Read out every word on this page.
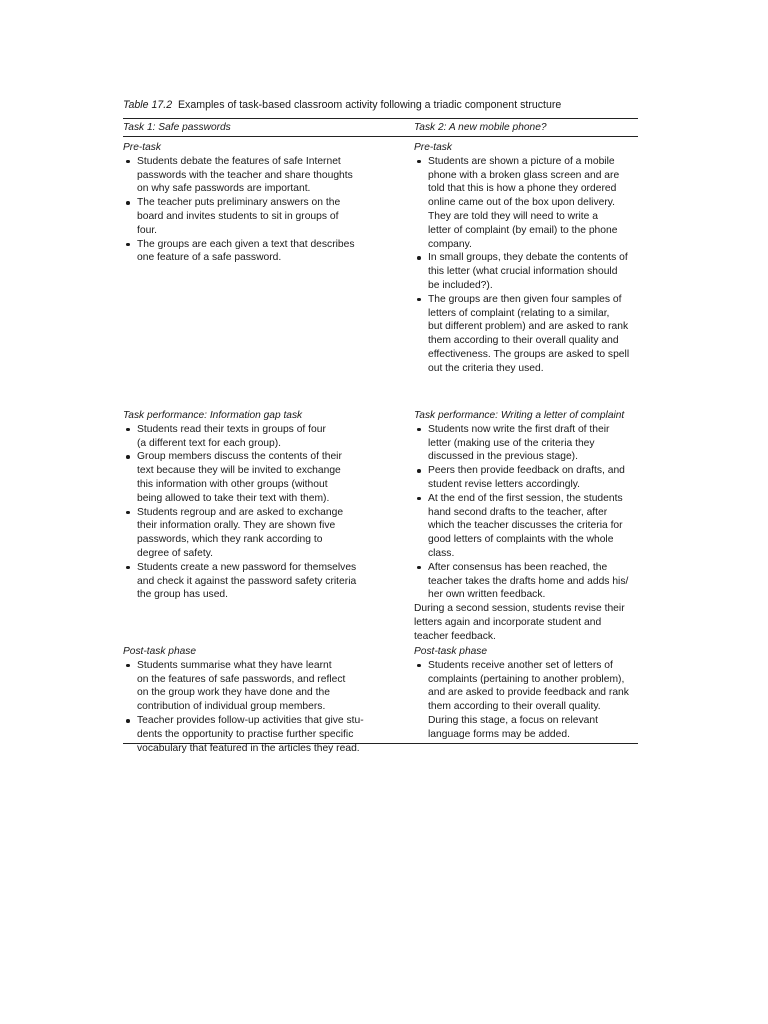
Table 17.2 Examples of task-based classroom activity following a triadic component structure
Task 1: Safe passwords	Task 2: A new mobile phone?
Pre-task
Students debate the features of safe Internet
passwords with the teacher and share thoughts
on why safe passwords are important.
The teacher puts preliminary answers on the
board and invites students to sit in groups of
four.
The groups are each given a text that describes
one feature of a safe password.
Task performance: Information gap task
Students read their texts in groups of four
(a different text for each group).
Group members discuss the contents of their
text because they will be invited to exchange
this information with other groups (without
being allowed to take their text with them).
Students regroup and are asked to exchange
their information orally. They are shown five
passwords, which they rank according to
degree of safety.
Students create a new password for themselves
and check it against the password safety criteria
the group has used.
Post-task phase
Students summarise what they have learnt
on the features of safe passwords, and reflect
on the group work they have done and the
contribution of individual group members.
Teacher provides follow-up activities that give stu-
dents the opportunity to practise further specific
vocabulary that featured in the articles they read.
Pre-task
Students are shown a picture of a mobile
phone with a broken glass screen and are
told that this is how a phone they ordered
online came out of the box upon delivery.
They are told they will need to write a
letter of complaint (by email) to the phone
company.
In small groups, they debate the contents of
this letter (what crucial information should
be included?).
The groups are then given four samples of
letters of complaint (relating to a similar,
but different problem) and are asked to rank
them according to their overall quality and
effectiveness. The groups are asked to spell
out the criteria they used.
Task performance: Writing a letter of complaint
Students now write the first draft of their
letter (making use of the criteria they
discussed in the previous stage).
Peers then provide feedback on drafts, and
student revise letters accordingly.
At the end of the first session, the students
hand second drafts to the teacher, after
which the teacher discusses the criteria for
good letters of complaints with the whole
class.
After consensus has been reached, the
teacher takes the drafts home and adds his/
her own written feedback.
During a second session, students revise their
letters again and incorporate student and
teacher feedback.
Post-task phase
Students receive another set of letters of
complaints (pertaining to another problem),
and are asked to provide feedback and rank
them according to their overall quality.
During this stage, a focus on relevant
language forms may be added.
